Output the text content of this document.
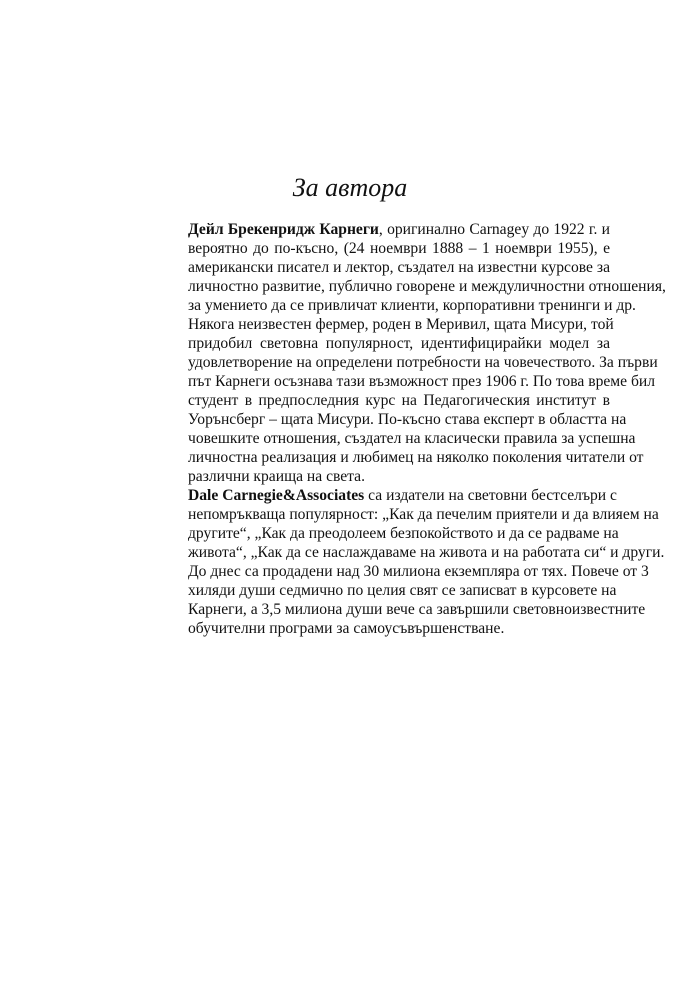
За автора
Дейл Брекенридж Карнеги, оригинално Carnagey до 1922 г. и
вероятно до по-късно, (24 ноември 1888 – 1 ноември 1955), е
американски писател и лектор, създател на известни курсове за
личностно развитие, публично говорене и междуличностни отношения,
за умението да се привличат клиенти, корпоративни тренинги и др.
Някога неизвестен фермер, роден в Меривил, щата Мисури, той
придобил световна популярност, идентифицирайки модел за
удовлетворение на определени потребности на човечеството. За първи
път Карнеги осъзнава тази възможност през 1906 г. По това време бил
студент в предпоследния курс на Педагогическия институт в
Уорънсберг – щата Мисури. По-късно става експерт в областта на
човешките отношения, създател на класически правила за успешна
личностна реализация и любимец на няколко поколения читатели от
различни краища на света.
Dale Carnegie&Associates са издатели на световни бестселъри с
непомръкваща популярност: „Как да печелим приятели и да влияем на
другите“, „Как да преодолеем безпокойството и да се радваме на
живота“, „Как да се наслаждаваме на живота и на работата си“ и други.
До днес са продадени над 30 милиона екземпляра от тях. Повече от 3
хиляди души седмично по целия свят се записват в курсовете на
Карнеги, а 3,5 милиона души вече са завършили световноизвестните
обучителни програми за самоусъвършенстване.
